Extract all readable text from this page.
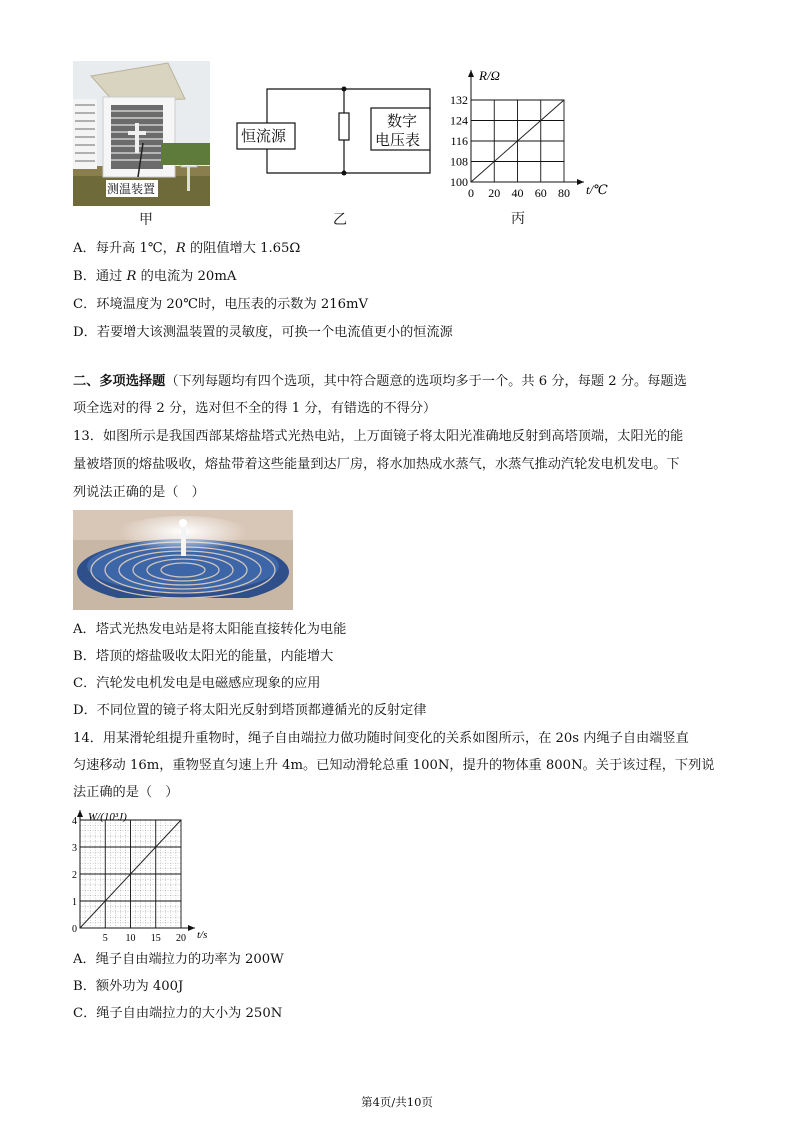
测温装置
甲
恒流源
数字
电压表
乙
100
108
116
124
132
0 20 40 60 80
R/Ω
t/℃
丙
A．每升高 1℃，R 的阻值增大 1.65Ω
B．通过 R 的电流为 20mA
C．环境温度为 20℃时，电压表的示数为 216mV
D．若要增大该测温装置的灵敏度，可换一个电流值更小的恒流源
二、多项选择题（下列每题均有四个选项，其中符合题意的选项均多于一个。共 6 分，每题 2 分。每题选
项全选对的得 2 分，选对但不全的得 1 分，有错选的不得分）
13．如图所示是我国西部某熔盐塔式光热电站，上万面镜子将太阳光准确地反射到高塔顶端，太阳光的能
量被塔顶的熔盐吸收，熔盐带着这些能量到达厂房，将水加热成水蒸气，水蒸气推动汽轮发电机发电。下
列说法正确的是（　）
A．塔式光热发电站是将太阳能直接转化为电能
B．塔顶的熔盐吸收太阳光的能量，内能增大
C．汽轮发电机发电是电磁感应现象的应用
D．不同位置的镜子将太阳光反射到塔顶都遵循光的反射定律
14．用某滑轮组提升重物时，绳子自由端拉力做功随时间变化的关系如图所示，在 20s 内绳子自由端竖直
匀速移动 16m，重物竖直匀速上升 4m。已知动滑轮总重 100N，提升的物体重 800N。关于该过程，下列说
法正确的是（　）
0
1
2
3
4
5 10 15 20
W/(10³J)
t/s
A．绳子自由端拉力的功率为 200W
B．额外功为 400J
C．绳子自由端拉力的大小为 250N
第4页/共10页
